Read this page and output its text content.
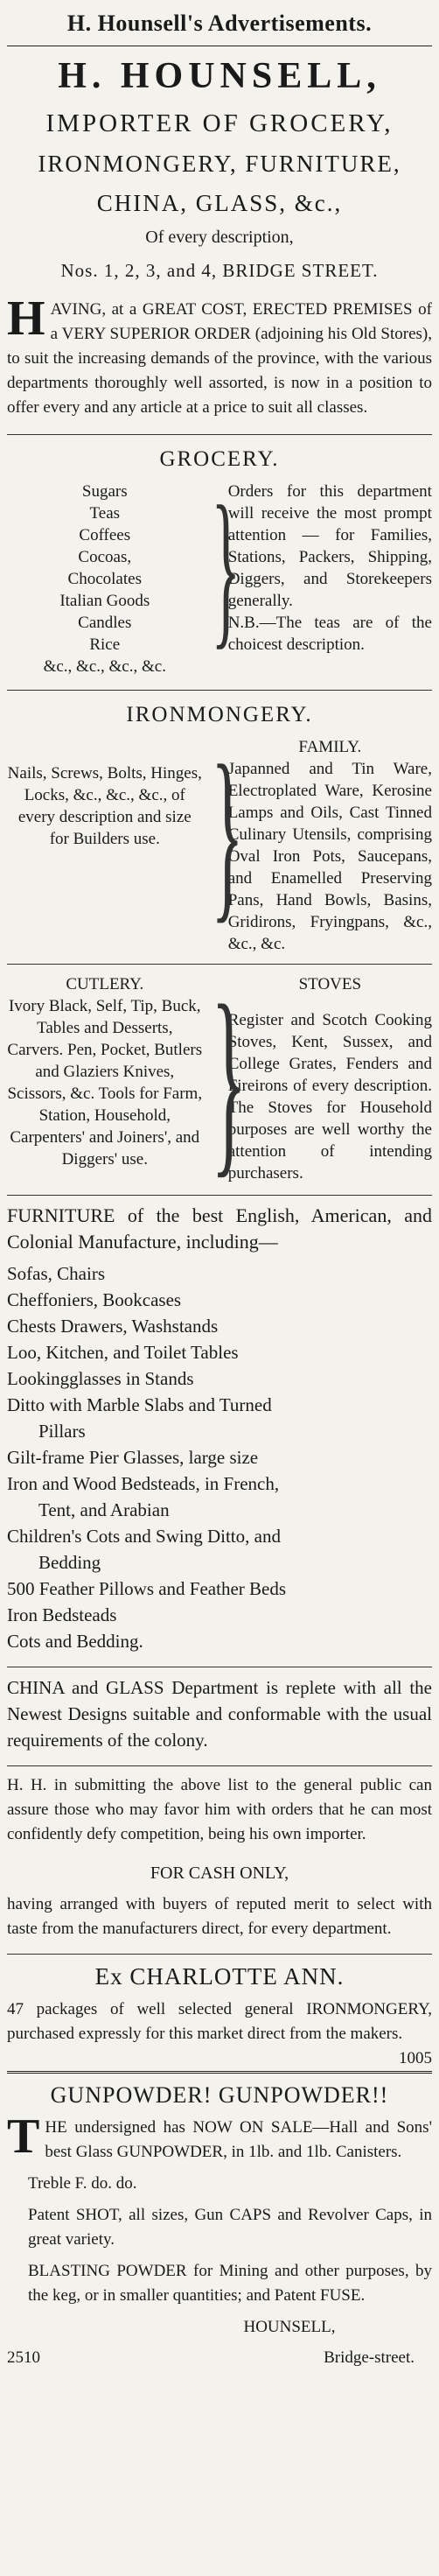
H. Hounsell's Advertisements.
H. HOUNSELL,
IMPORTER OF GROCERY,
IRONMONGERY, FURNITURE,
CHINA, GLASS, &c.,
Of every description,
Nos. 1, 2, 3, and 4, BRIDGE STREET.
H AVING, at a GREAT COST, ERECTED PREMISES of a VERY SUPERIOR ORDER (adjoining his Old Stores), to suit the increasing demands of the province, with the various departments thoroughly well assorted, is now in a position to offer every and any article at a price to suit all classes.
GROCERY.
Sugars
Teas
Coffees
Cocoas,
Chocolates
Italian Goods
Candles
Rice
&c., &c., &c., &c.
}
Orders for this department will receive the most prompt attention — for Families, Stations, Packers, Shipping, Diggers, and Storekeepers generally.
N.B.—The teas are of the choicest description.
IRONMONGERY.
Nails, Screws, Bolts, Hinges, Locks, &c., &c., &c., of every description and size for Builders use. }	FAMILY.
Japanned and Tin Ware, Electroplated Ware, Kerosine Lamps and Oils, Cast Tinned Culinary Utensils, comprising Oval Iron Pots, Saucepans, and Enamelled Preserving Pans, Hand Bowls, Basins, Gridirons, Fryingpans, &c., &c., &c.
CUTLERY.
Ivory Black, Self, Tip, Buck, Tables and Desserts, Carvers. Pen, Pocket, Butlers and Glaziers Knives, Scissors, &c. Tools for Farm, Station, Household, Carpenters' and Joiners', and Diggers' use. }	STOVES
Register and Scotch Cooking Stoves, Kent, Sussex, and College Grates, Fenders and Fireirons of every description. The Stoves for Household purposes are well worthy the attention of intending purchasers.
FURNITURE of the best English, American, and Colonial Manufacture, including—
Sofas, Chairs
Cheffoniers, Bookcases
Chests Drawers, Washstands
Loo, Kitchen, and Toilet Tables
Lookingglasses in Stands
Ditto with Marble Slabs and Turned
Pillars
Gilt-frame Pier Glasses, large size
Iron and Wood Bedsteads, in French,
Tent, and Arabian
Children's Cots and Swing Ditto, and
Bedding
500 Feather Pillows and Feather Beds
Iron Bedsteads
Cots and Bedding.
CHINA and GLASS Department is replete with all the Newest Designs suitable and conformable with the usual requirements of the colony.
H. H. in submitting the above list to the general public can assure those who may favor him with orders that he can most confidently defy competition, being his own importer.
FOR CASH ONLY,
having arranged with buyers of reputed merit to select with taste from the manufacturers direct, for every department.
Ex CHARLOTTE ANN.
47 packages of well selected general IRONMONGERY, purchased expressly for this market direct from the makers.
1005
GUNPOWDER! GUNPOWDER!!
T HE undersigned has NOW ON SALE—Hall and Sons' best Glass GUNPOWDER, in 1lb. and 1lb. Canisters.
Treble F. do. do.
Patent SHOT, all sizes, Gun CAPS and Revolver Caps, in great variety.
BLASTING POWDER for Mining and other purposes, by the keg, or in smaller quantities; and Patent FUSE.
HOUNSELL,
2510	Bridge-street.
